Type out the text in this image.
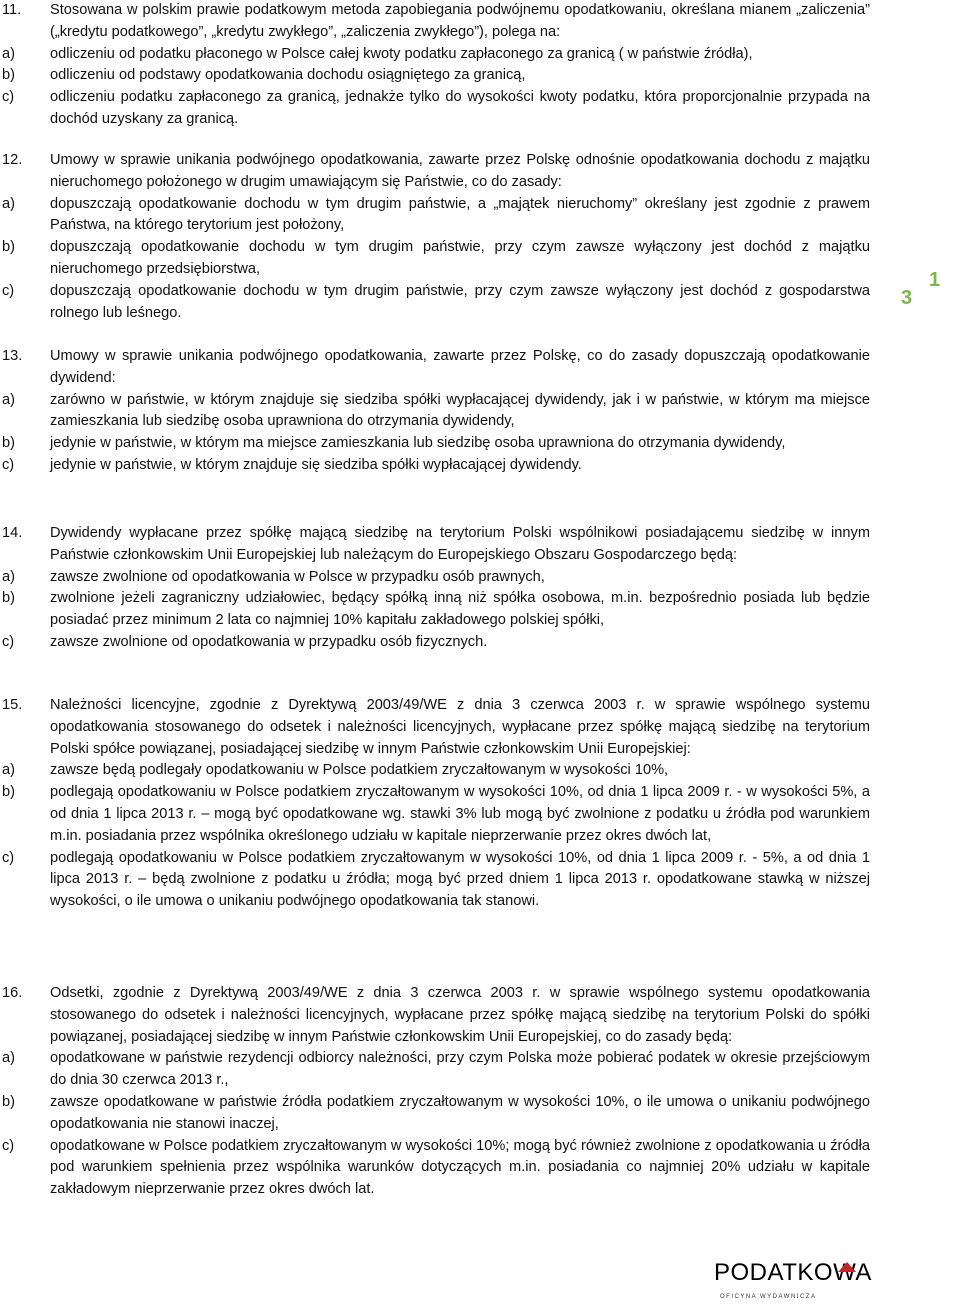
11. Stosowana w polskim prawie podatkowym metoda zapobiegania podwójnemu opodatkowaniu, określana mianem „zaliczenia” („kredytu podatkowego”, „kredytu zwykłego”, „zaliczenia zwykłego”), polega na:
a) odliczeniu od podatku płaconego w Polsce całej kwoty podatku zapłaconego za granicą ( w państwie źródła),
b) odliczeniu od podstawy opodatkowania dochodu osiągniętego za granicą,
c) odliczeniu podatku zapłaconego za granicą, jednakże tylko do wysokości kwoty podatku, która proporcjonalnie przypada na dochód uzyskany za granicą.
12. Umowy w sprawie unikania podwójnego opodatkowania, zawarte przez Polskę odnośnie opodatkowania dochodu z majątku nieruchomego położonego w drugim umawiającym się Państwie, co do zasady:
a) dopuszczają opodatkowanie dochodu w tym drugim państwie, a „majątek nieruchomy” określany jest zgodnie z prawem Państwa, na którego terytorium jest położony,
b) dopuszczają opodatkowanie dochodu w tym drugim państwie, przy czym zawsze wyłączony jest dochód z majątku nieruchomego przedsiębiorstwa,
c) dopuszczają opodatkowanie dochodu w tym drugim państwie, przy czym zawsze wyłączony jest dochód z gospodarstwa rolnego lub leśnego.
13. Umowy w sprawie unikania podwójnego opodatkowania, zawarte przez Polskę, co do zasady dopuszczają opodatkowanie dywidend:
a) zarówno w państwie, w którym znajduje się siedziba spółki wypłacającej dywidendy, jak i w państwie, w którym ma miejsce zamieszkania lub siedzibę osoba uprawniona do otrzymania dywidendy,
b) jedynie w państwie, w którym ma miejsce zamieszkania lub siedzibę osoba uprawniona do otrzymania dywidendy,
c) jedynie w państwie, w którym znajduje się siedziba spółki wypłacającej dywidendy.
14. Dywidendy wypłacane przez spółkę mającą siedzibę na terytorium Polski wspólnikowi posiadającemu siedzibę w innym Państwie członkowskim Unii Europejskiej lub należącym do Europejskiego Obszaru Gospodarczego będą:
a) zawsze zwolnione od opodatkowania w Polsce w przypadku osób prawnych,
b) zwolnione jeżeli zagraniczny udziałowiec, będący spółką inną niż spółka osobowa, m.in. bezpośrednio posiada lub będzie posiadać przez minimum 2 lata co najmniej 10% kapitału zakładowego polskiej spółki,
c) zawsze zwolnione od opodatkowania w przypadku osób fizycznych.
15. Należności licencyjne, zgodnie z Dyrektywą 2003/49/WE z dnia 3 czerwca 2003 r. w sprawie wspólnego systemu opodatkowania stosowanego do odsetek i należności licencyjnych, wypłacane przez spółkę mającą siedzibę na terytorium Polski spółce powiązanej, posiadającej siedzibę w innym Państwie członkowskim Unii Europejskiej:
a) zawsze będą podlegały opodatkowaniu w Polsce podatkiem zryczałtowanym w wysokości 10%,
b) podlegają opodatkowaniu w Polsce podatkiem zryczałtowanym w wysokości 10%, od dnia 1 lipca 2009 r. - w wysokości 5%, a od dnia 1 lipca 2013 r. – mogą być opodatkowane wg. stawki 3% lub mogą być zwolnione z podatku u źródła pod warunkiem m.in. posiadania przez wspólnika określonego udziału w kapitale nieprzerwanie przez okres dwóch lat,
c) podlegają opodatkowaniu w Polsce podatkiem zryczałtowanym w wysokości 10%, od dnia 1 lipca 2009 r. - 5%, a od dnia 1 lipca 2013 r. – będą zwolnione z podatku u źródła; mogą być przed dniem 1 lipca 2013 r. opodatkowane stawką w niższej wysokości, o ile umowa o unikaniu podwójnego opodatkowania tak stanowi.
16. Odsetki, zgodnie z Dyrektywą 2003/49/WE z dnia 3 czerwca 2003 r. w sprawie wspólnego systemu opodatkowania stosowanego do odsetek i należności licencyjnych, wypłacane przez spółkę mającą siedzibę na terytorium Polski do spółki powiązanej, posiadającej siedzibę w innym Państwie członkowskim Unii Europejskiej, co do zasady będą:
a) opodatkowane w państwie rezydencji odbiorcy należności, przy czym Polska może pobierać podatek w okresie przejściowym do dnia 30 czerwca 2013 r.,
b) zawsze opodatkowane w państwie źródła podatkiem zryczałtowanym w wysokości 10%, o ile umowa o unikaniu podwójnego opodatkowania nie stanowi inaczej,
c) opodatkowane w Polsce podatkiem zryczałtowanym w wysokości 10%; mogą być również zwolnione z opodatkowania u źródła pod warunkiem spełnienia przez wspólnika warunków dotyczących m.in. posiadania co najmniej 20% udziału w kapitale zakładowym nieprzerwanie przez okres dwóch lat.
1
3
PODATKOWA
OFICYNA WYDAWNICZA
